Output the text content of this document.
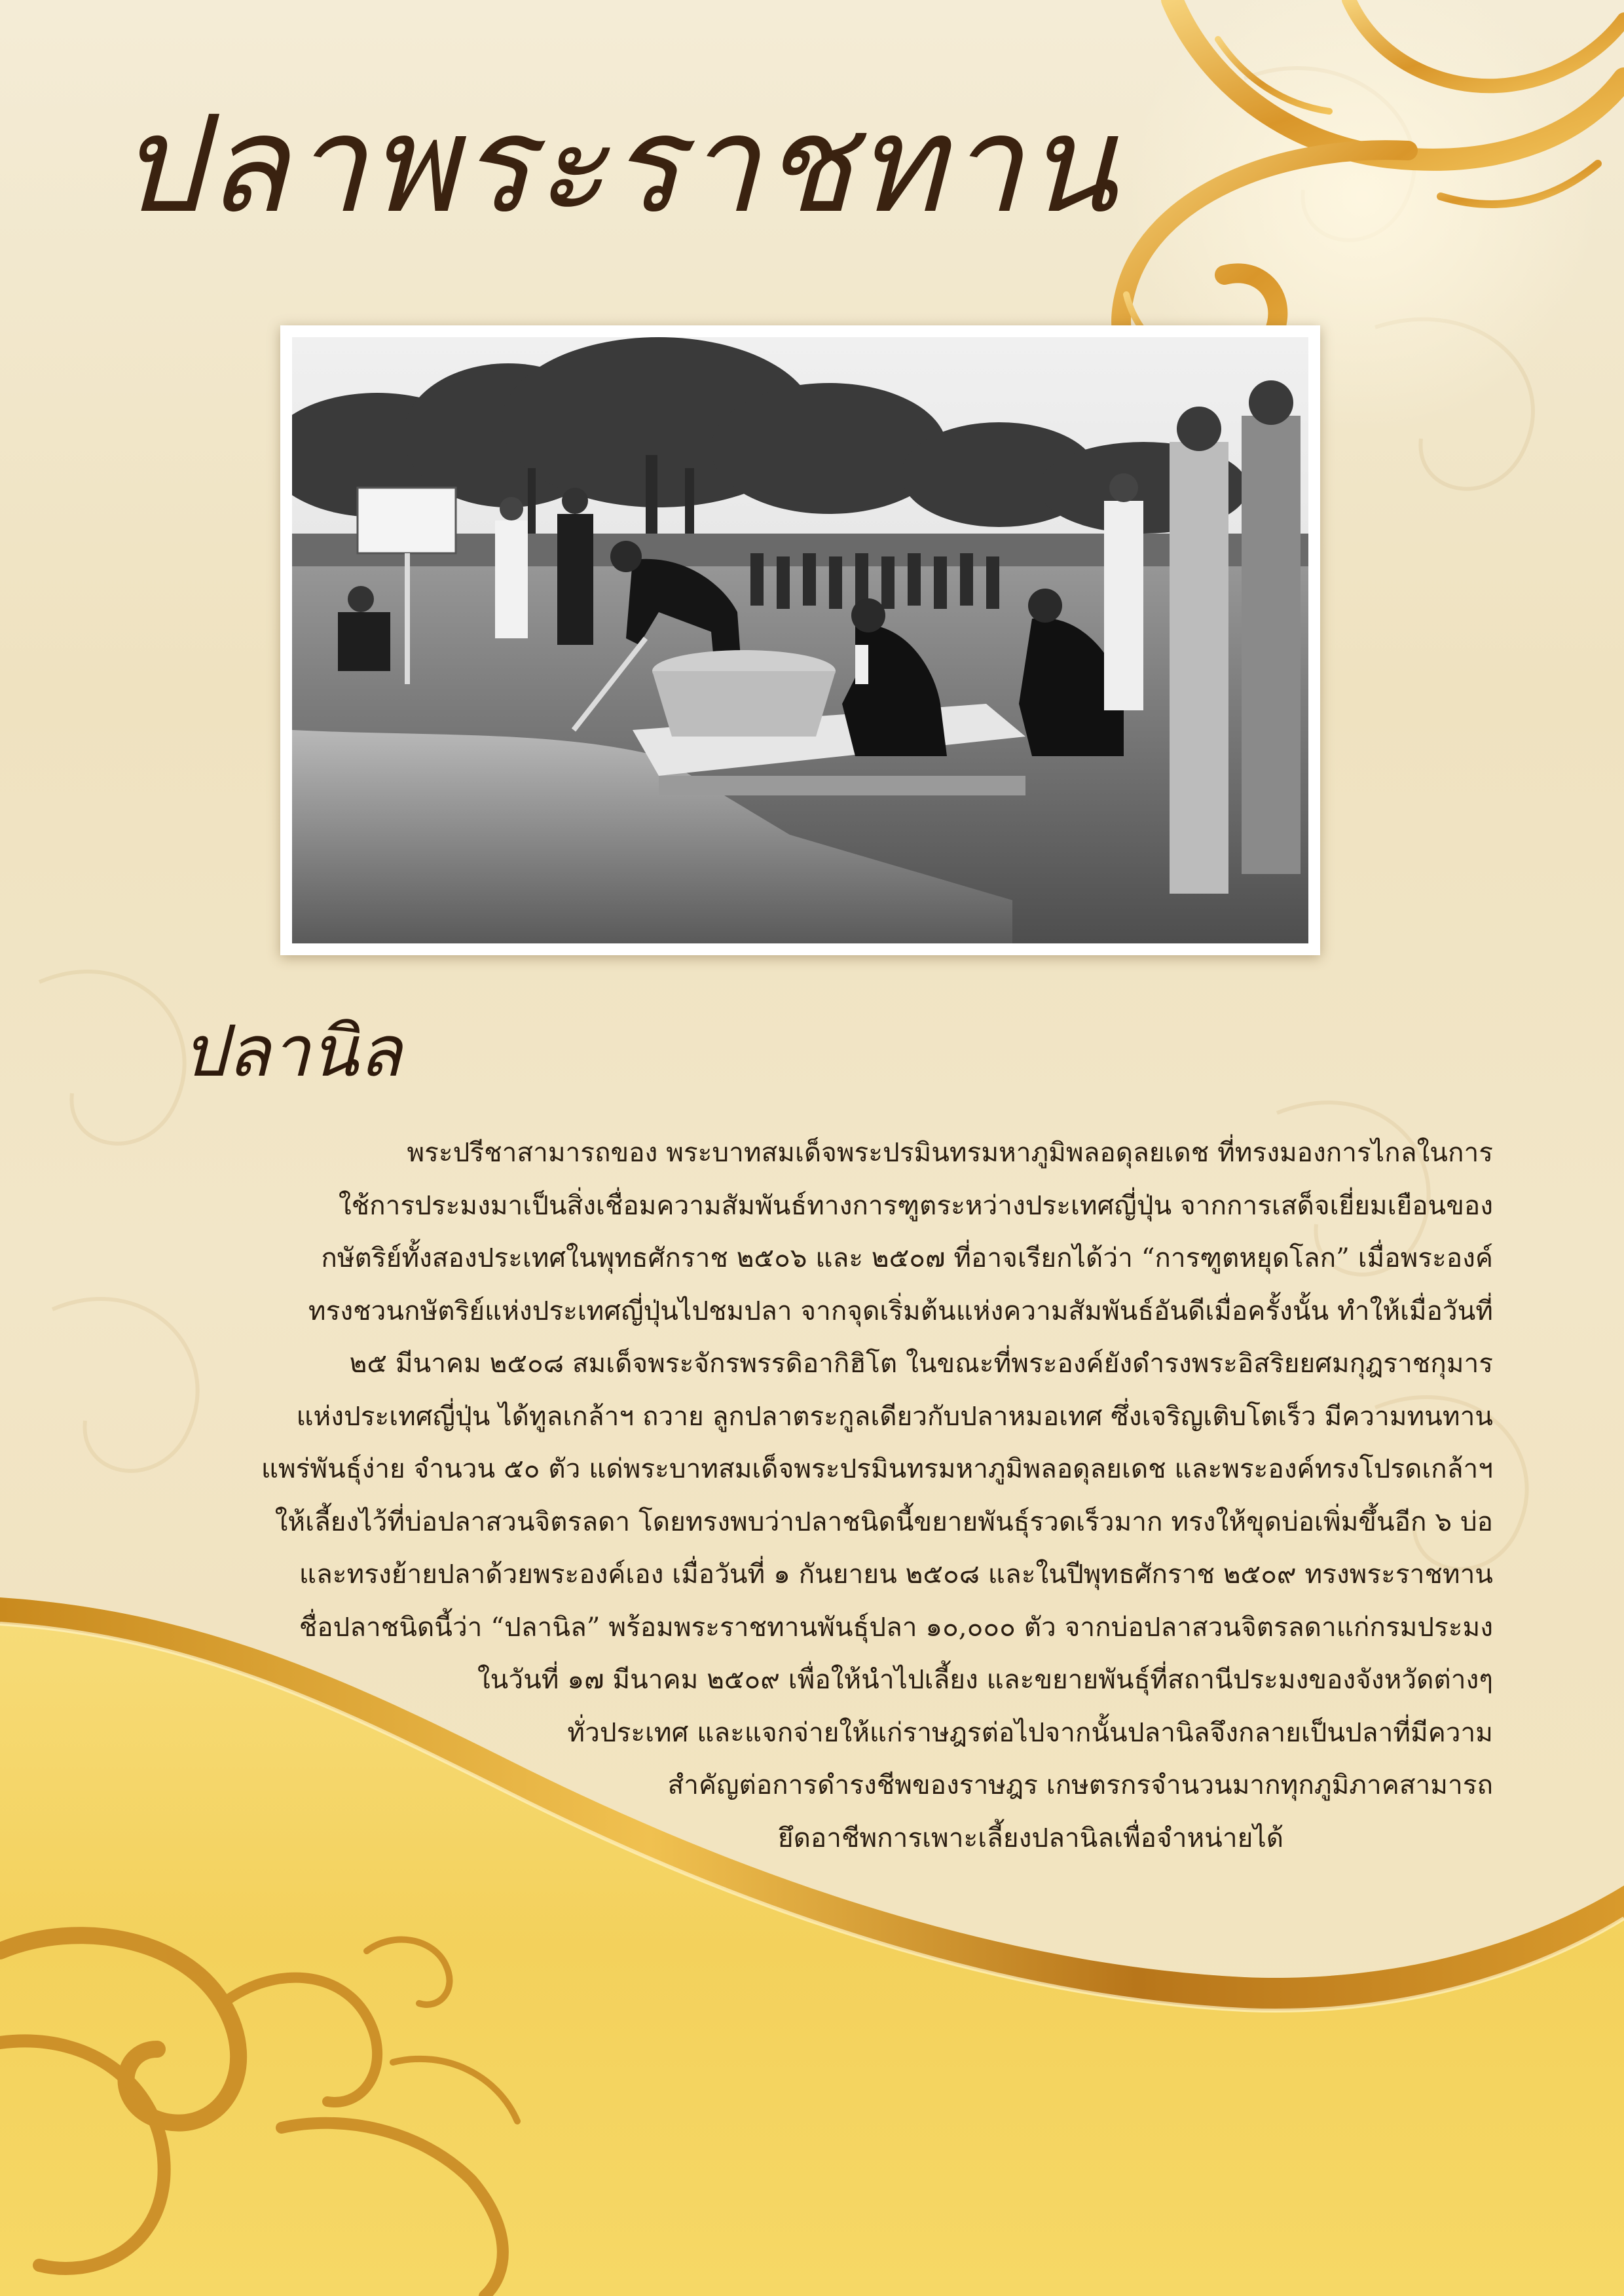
ปลาพระราชทาน
ปลานิล
พระปรีชาสามารถของ พระบาทสมเด็จพระปรมินทรมหาภูมิพลอดุลยเดช ที่ทรงมองการไกลในการ
ใช้การประมงมาเป็นสิ่งเชื่อมความสัมพันธ์ทางการฑูตระหว่างประเทศญี่ปุ่น จากการเสด็จเยี่ยมเยือนของ
กษัตริย์ทั้งสองประเทศในพุทธศักราช ๒๕๐๖ และ ๒๕๐๗ ที่อาจเรียกได้ว่า “การฑูตหยุดโลก” เมื่อพระองค์
ทรงชวนกษัตริย์แห่งประเทศญี่ปุ่นไปชมปลา จากจุดเริ่มต้นแห่งความสัมพันธ์อันดีเมื่อครั้งนั้น ทำให้เมื่อวันที่
๒๕ มีนาคม ๒๕๐๘ สมเด็จพระจักรพรรดิอากิฮิโต ในขณะที่พระองค์ยังดำรงพระอิสริยยศมกุฎราชกุมาร
แห่งประเทศญี่ปุ่น ได้ทูลเกล้าฯ ถวาย ลูกปลาตระกูลเดียวกับปลาหมอเทศ ซึ่งเจริญเติบโตเร็ว มีความทนทาน
แพร่พันธุ์ง่าย จำนวน ๕๐ ตัว แด่พระบาทสมเด็จพระปรมินทรมหาภูมิพลอดุลยเดช และพระองค์ทรงโปรดเกล้าฯ
ให้เลี้ยงไว้ที่บ่อปลาสวนจิตรลดา โดยทรงพบว่าปลาชนิดนี้ขยายพันธุ์รวดเร็วมาก ทรงให้ขุดบ่อเพิ่มขึ้นอีก ๖ บ่อ
และทรงย้ายปลาด้วยพระองค์เอง เมื่อวันที่ ๑ กันยายน ๒๕๐๘ และในปีพุทธศักราช ๒๕๐๙ ทรงพระราชทาน
ชื่อปลาชนิดนี้ว่า “ปลานิล” พร้อมพระราชทานพันธุ์ปลา ๑๐,๐๐๐ ตัว จากบ่อปลาสวนจิตรลดาแก่กรมประมง
ในวันที่ ๑๗ มีนาคม ๒๕๐๙ เพื่อให้นำไปเลี้ยง และขยายพันธุ์ที่สถานีประมงของจังหวัดต่างๆ
ทั่วประเทศ และแจกจ่ายให้แก่ราษฎรต่อไปจากนั้นปลานิลจึงกลายเป็นปลาที่มีความ
สำคัญต่อการดำรงชีพของราษฎร เกษตรกรจำนวนมากทุกภูมิภาคสามารถ
ยึดอาชีพการเพาะเลี้ยงปลานิลเพื่อจำหน่ายได้
